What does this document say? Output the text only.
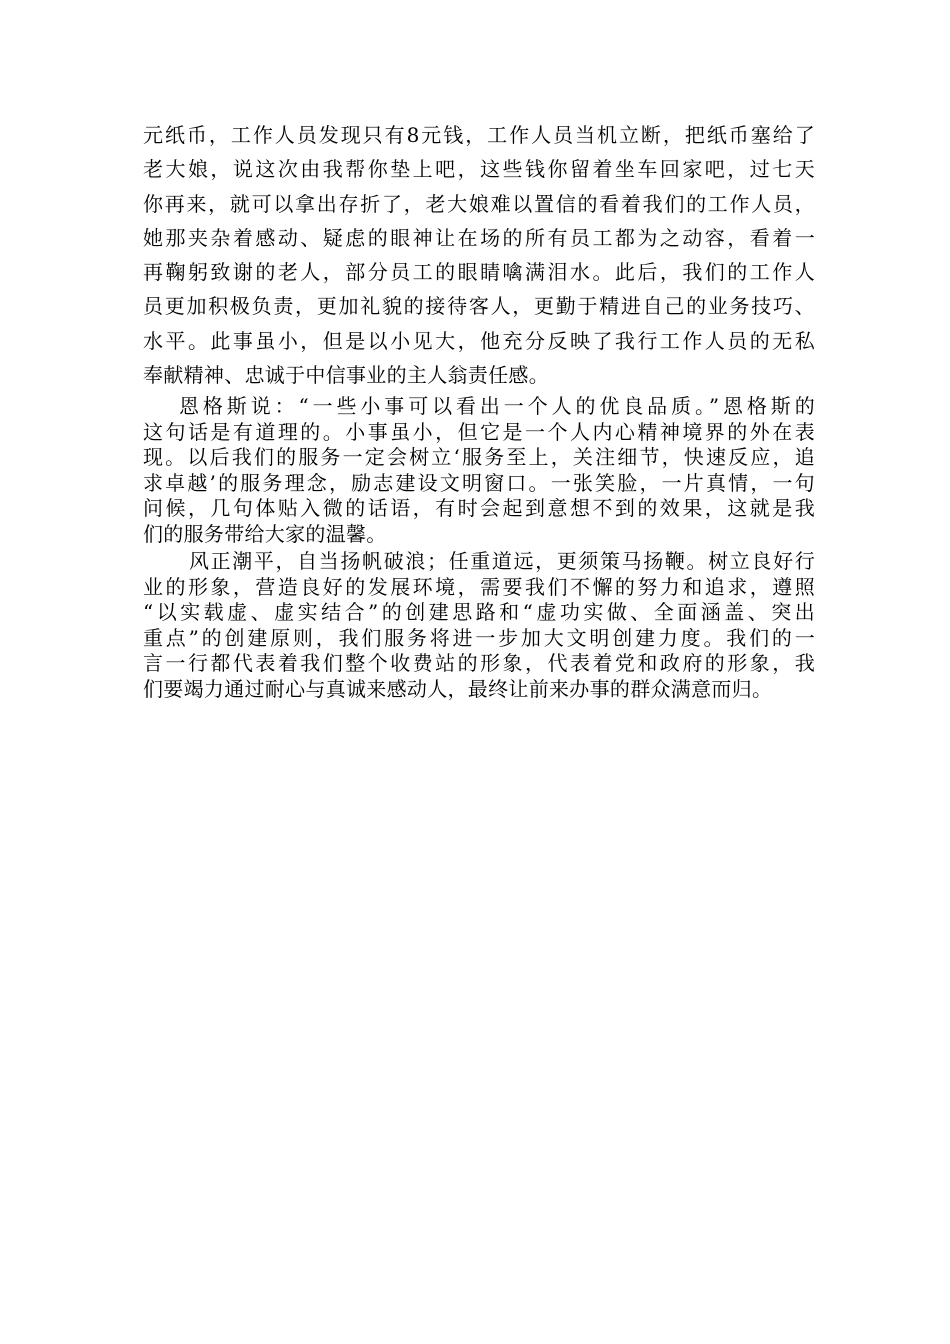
元纸币，工作人员发现只有8元钱，工作人员当机立断，把纸币塞给了
老大娘，说这次由我帮你垫上吧，这些钱你留着坐车回家吧，过七天
你再来，就可以拿出存折了，老大娘难以置信的看着我们的工作人员，
她那夹杂着感动、疑虑的眼神让在场的所有员工都为之动容，看着一
再鞠躬致谢的老人，部分员工的眼睛噙满泪水。此后，我们的工作人
员更加积极负责，更加礼貌的接待客人，更勤于精进自己的业务技巧、
水平。此事虽小，但是以小见大，他充分反映了我行工作人员的无私
奉献精神、忠诚于中信事业的主人翁责任感。
恩格斯说：“一些小事可以看出一个人的优良品质。”恩格斯的
这句话是有道理的。小事虽小，但它是一个人内心精神境界的外在表
现。以后我们的服务一定会树立‘服务至上，关注细节，快速反应，追
求卓越’的服务理念，励志建设文明窗口。一张笑脸，一片真情，一句
问候，几句体贴入微的话语，有时会起到意想不到的效果，这就是我
们的服务带给大家的温馨。
风正潮平，自当扬帆破浪；任重道远，更须策马扬鞭。树立良好行
业的形象，营造良好的发展环境，需要我们不懈的努力和追求，遵照
“以实载虚、虚实结合”的创建思路和“虚功实做、全面涵盖、突出
重点”的创建原则，我们服务将进一步加大文明创建力度。我们的一
言一行都代表着我们整个收费站的形象，代表着党和政府的形象，我
们要竭力通过耐心与真诚来感动人，最终让前来办事的群众满意而归。
